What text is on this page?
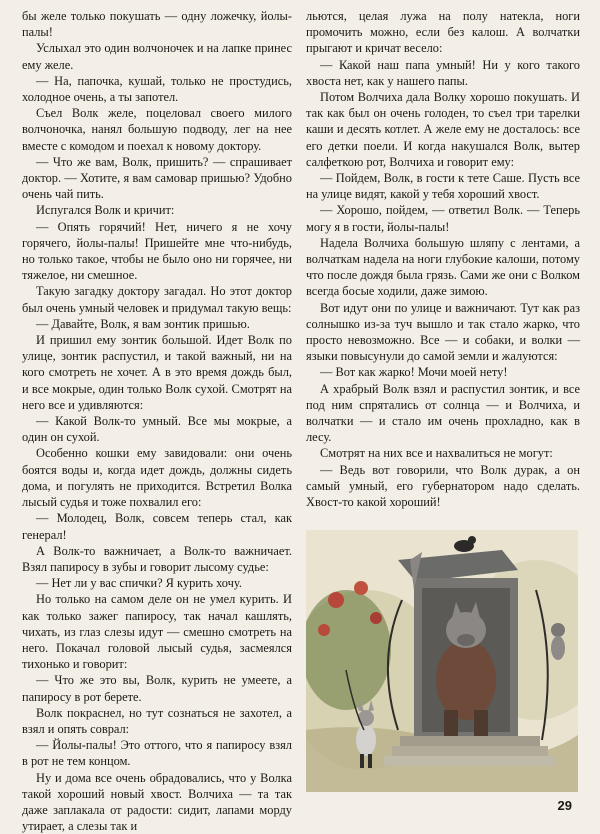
бы желе только покушать — одну ложечку, йолы-палы!

Услыхал это один волчоночек и на лапке принес ему желе.

— На, папочка, кушай, только не простудись, холодное очень, а ты запотел.

Съел Волк желе, поцеловал своего милого волчоночка, нанял большую подводу, лег на нее вместе с комодом и поехал к новому доктору.

— Что же вам, Волк, пришить? — спрашивает доктор. — Хотите, я вам самовар пришью? Удобно очень чай пить.

Испугался Волк и кричит:

— Опять горячий! Нет, ничего я не хочу горячего, йолы-палы! Пришейте мне что-нибудь, но только такое, чтобы не было оно ни горячее, ни тяжелое, ни смешное.

Такую загадку доктору загадал. Но этот доктор был очень умный человек и придумал такую вещь:

— Давайте, Волк, я вам зонтик пришью.

И пришил ему зонтик большой. Идет Волк по улице, зонтик распустил, и такой важный, ни на кого смотреть не хочет. А в это время дождь был, и все мокрые, один только Волк сухой. Смотрят на него все и удивляются:

— Какой Волк-то умный. Все мы мокрые, а один он сухой.

Особенно кошки ему завидовали: они очень боятся воды и, когда идет дождь, должны сидеть дома, и погулять не приходится. Встретил Волка лысый судья и тоже похвалил его:

— Молодец, Волк, совсем теперь стал, как генерал!

А Волк-то важничает, а Волк-то важничает. Взял папиросу в зубы и говорит лысому судье:

— Нет ли у вас спички? Я курить хочу.

Но только на самом деле он не умел курить. И как только зажег папиросу, так начал кашлять, чихать, из глаз слезы идут — смешно смотреть на него. Покачал головой лысый судья, засмеялся тихонько и говорит:

— Что же это вы, Волк, курить не умеете, а папиросу в рот берете.

Волк покраснел, но тут сознаться не захотел, а взял и опять соврал:

— Йолы-палы! Это оттого, что я папиросу взял в рот не тем концом.

Ну и дома все очень обрадовались, что у Волка такой хороший новый хвост. Волчиха — та так даже заплакала от радости: сидит, лапами морду утирает, а слезы так и

льются, целая лужа на полу натекла, ноги промочить можно, если без калош. А волчатки прыгают и кричат весело:

— Какой наш папа умный! Ни у кого такого хвоста нет, как у нашего папы.

Потом Волчиха дала Волку хорошо покушать. И так как был он очень голоден, то съел три тарелки каши и десять котлет. А желе ему не досталось: все его детки поели. И когда накушался Волк, вытер салфеткою рот, Волчиха и говорит ему:

— Пойдем, Волк, в гости к тете Саше. Пусть все на улице видят, какой у тебя хороший хвост.

— Хорошо, пойдем, — ответил Волк. — Теперь могу я в гости, йолы-палы!

Надела Волчиха большую шляпу с лентами, а волчаткам надела на ноги глубокие калоши, потому что после дождя была грязь. Сами же они с Волком всегда босые ходили, даже зимою.

Вот идут они по улице и важничают. Тут как раз солнышко из-за туч вышло и так стало жарко, что просто невозможно. Все — и собаки, и волки — языки повысунули до самой земли и жалуются:

— Вот как жарко! Мочи моей нету!

А храбрый Волк взял и распустил зонтик, и все под ним спрятались от солнца — и Волчиха, и волчатки — и стало им очень прохладно, как в лесу.

Смотрят на них все и нахвалиться не могут:

— Ведь вот говорили, что Волк дурак, а он самый умный, его губернатором надо сделать. Хвост-то какой хороший!

29
